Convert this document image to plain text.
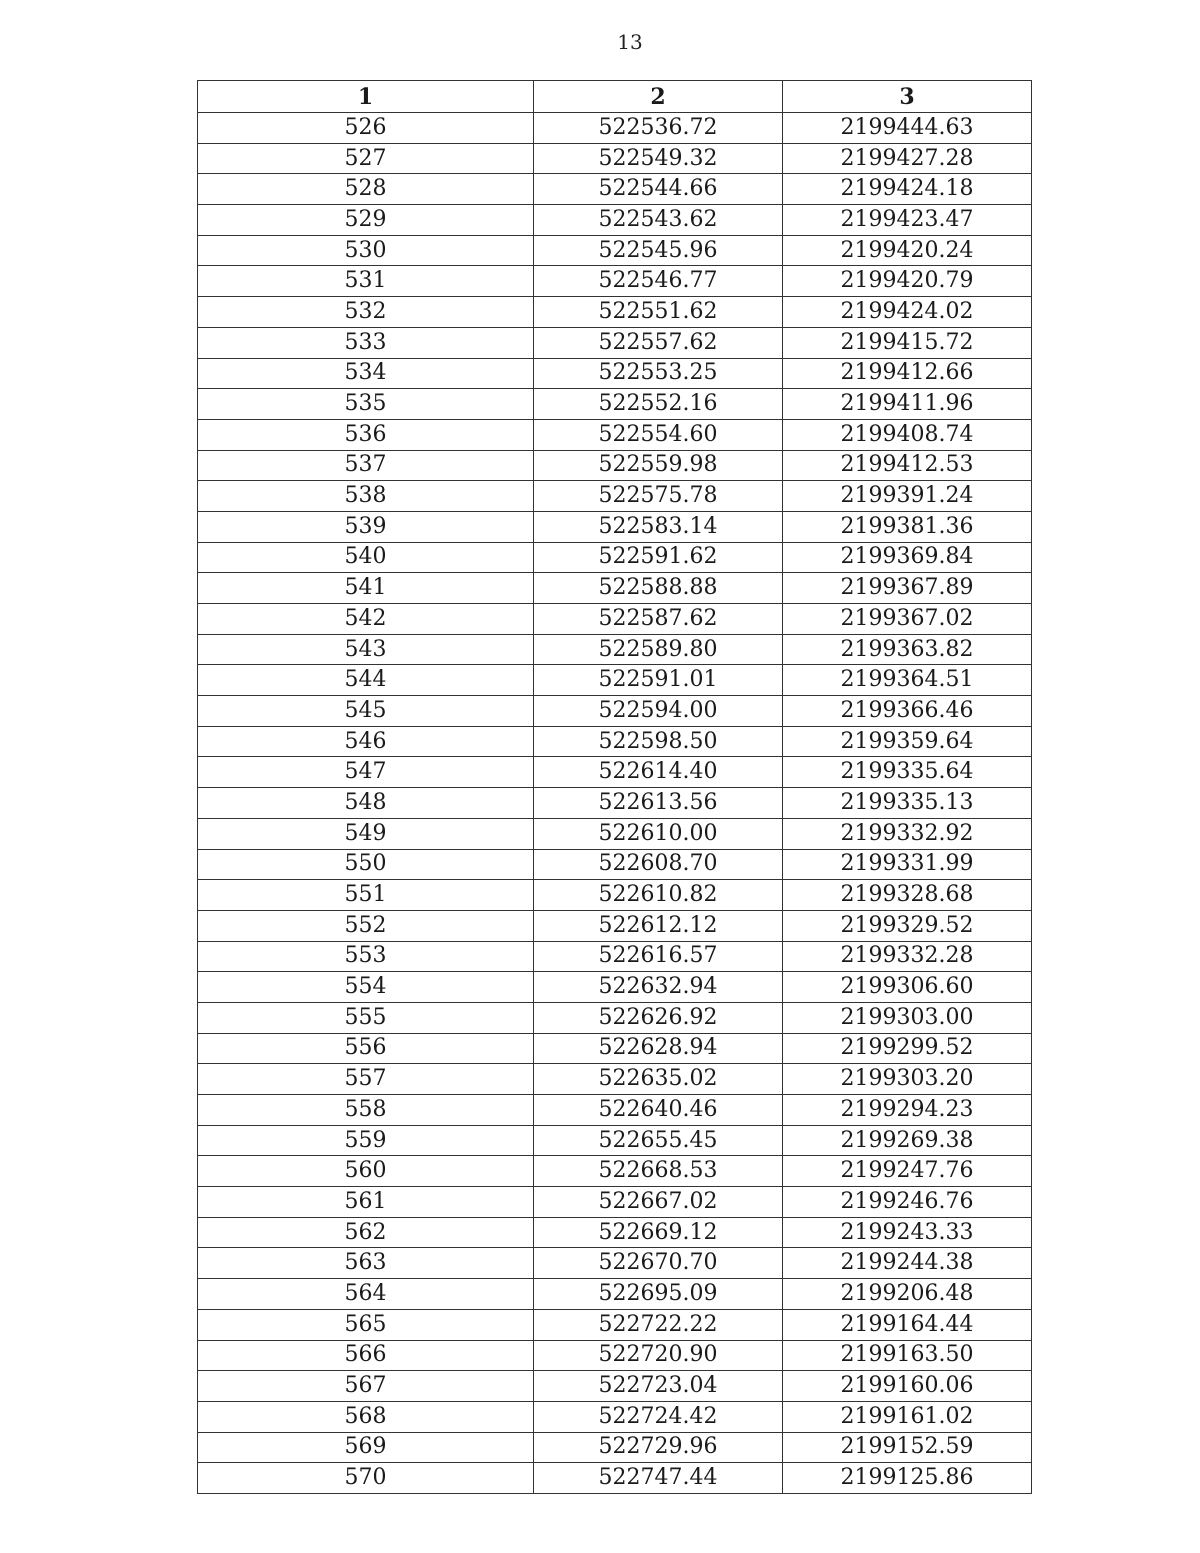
13
1	2	3
526	522536.72	2199444.63
527	522549.32	2199427.28
528	522544.66	2199424.18
529	522543.62	2199423.47
530	522545.96	2199420.24
531	522546.77	2199420.79
532	522551.62	2199424.02
533	522557.62	2199415.72
534	522553.25	2199412.66
535	522552.16	2199411.96
536	522554.60	2199408.74
537	522559.98	2199412.53
538	522575.78	2199391.24
539	522583.14	2199381.36
540	522591.62	2199369.84
541	522588.88	2199367.89
542	522587.62	2199367.02
543	522589.80	2199363.82
544	522591.01	2199364.51
545	522594.00	2199366.46
546	522598.50	2199359.64
547	522614.40	2199335.64
548	522613.56	2199335.13
549	522610.00	2199332.92
550	522608.70	2199331.99
551	522610.82	2199328.68
552	522612.12	2199329.52
553	522616.57	2199332.28
554	522632.94	2199306.60
555	522626.92	2199303.00
556	522628.94	2199299.52
557	522635.02	2199303.20
558	522640.46	2199294.23
559	522655.45	2199269.38
560	522668.53	2199247.76
561	522667.02	2199246.76
562	522669.12	2199243.33
563	522670.70	2199244.38
564	522695.09	2199206.48
565	522722.22	2199164.44
566	522720.90	2199163.50
567	522723.04	2199160.06
568	522724.42	2199161.02
569	522729.96	2199152.59
570	522747.44	2199125.86
